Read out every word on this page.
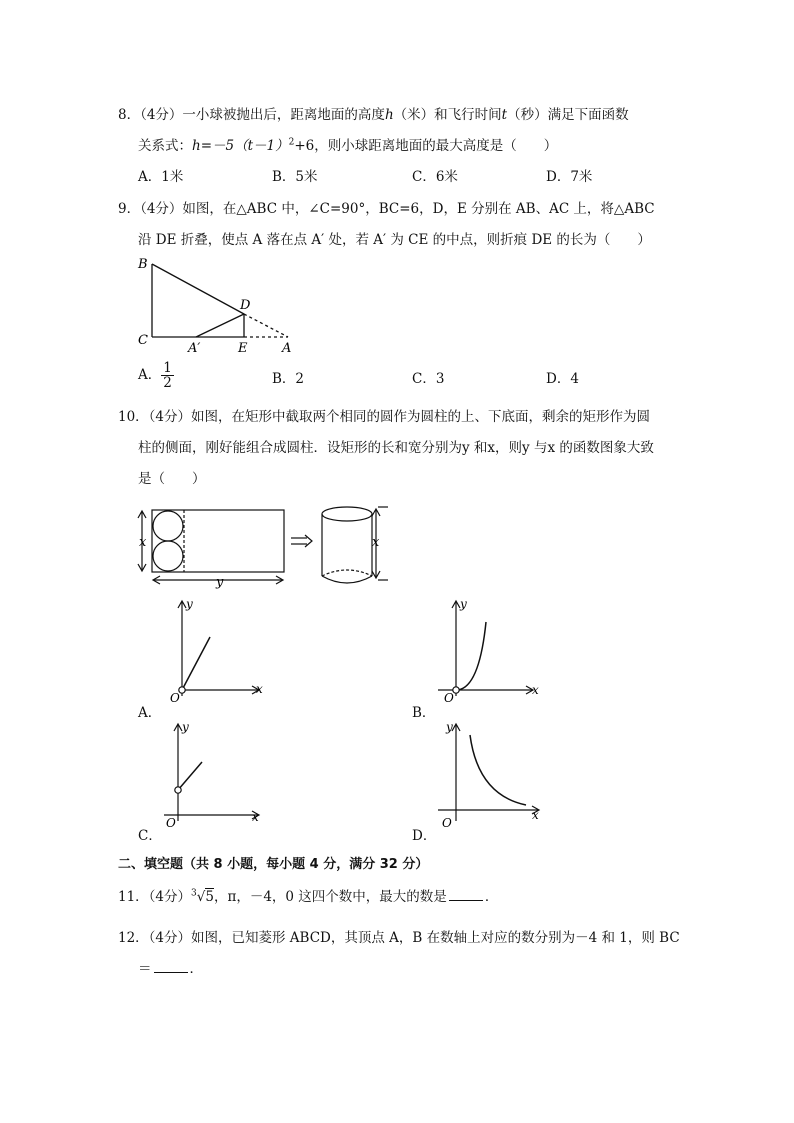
8．（4分）一小球被抛出后，距离地面的高度h（米）和飞行时间t（秒）满足下面函数
关系式：$h=-5(t-1)^2+6$，则小球距离地面的最大高度是（　　）
A．1米	B．5米	C．6米	D．7米
9．（4分）如图，在△ABC 中，∠C=90°，BC=6，D，E 分别在 AB、AC 上，将△ABC
沿 DE 折叠，使点 A 落在点 A′ 处，若 A′ 为 CE 的中点，则折痕 DE 的长为（　　）
B
C
D
A′	E	A
A． $\frac{1}{2}$	B．2	C．3	D．4
10．（4分）如图，在矩形中截取两个相同的圆作为圆柱的上、下底面，剩余的矩形作为圆
柱的侧面，刚好能组合成圆柱．设矩形的长和宽分别为y 和x，则y 与x 的函数图象大致
是（　　）
x
y
x
y
x
O
A．
y
x
O
B．
y
x
O
C．
y
x
O
D．
二、填空题（共 8 小题，每小题 4 分，满分 32 分）
11．（4分）$^3$√5，π，－4，0 这四个数中，最大的数是	．
12．（4分）如图，已知菱形 ABCD，其顶点 A，B 在数轴上对应的数分别为－4 和 1，则 BC
＝	．
